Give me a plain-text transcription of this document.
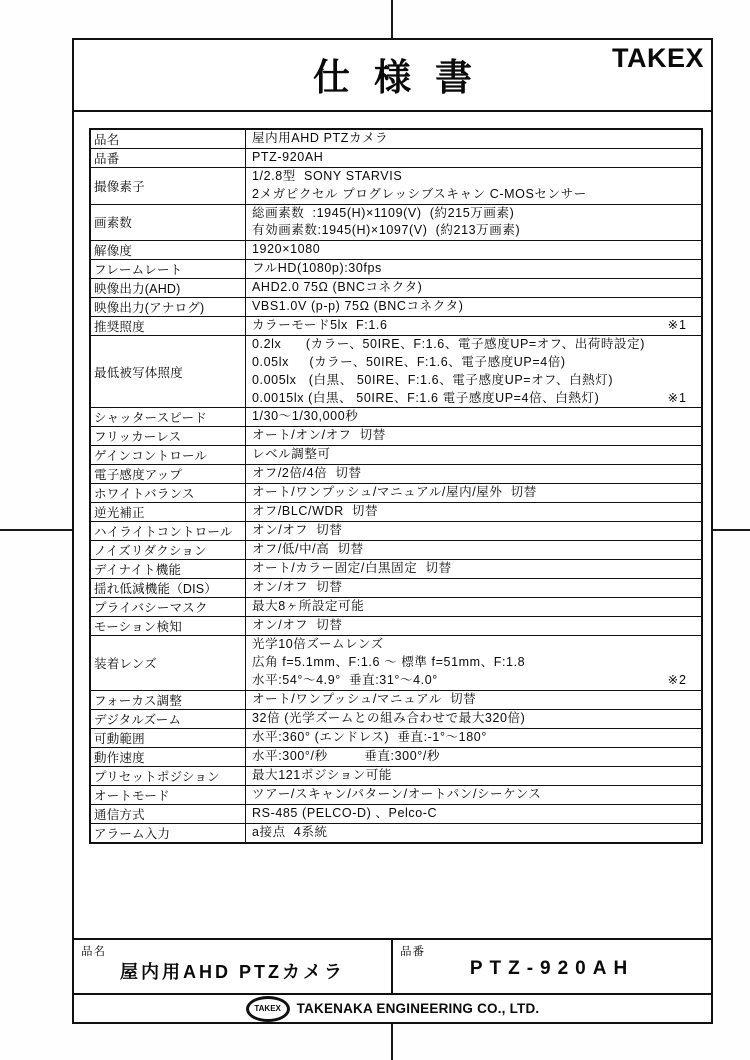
仕様書	TAKEX
品名	屋内用AHD PTZカメラ

品番	PTZ-920AH

撮像素子	1/2.8型  SONY STARVIS
2メガピクセル プログレッシブスキャン C-MOSセンサー

画素数	総画素数  :1945(H)×1109(V)  (約215万画素)
有効画素数:1945(H)×1097(V)  (約213万画素)

解像度	1920×1080

フレームレート	フルHD(1080p):30fps

映像出力(AHD)	AHD2.0 75Ω (BNCコネクタ)

映像出力(アナログ)	VBS1.0V (p-p) 75Ω (BNCコネクタ)

推奨照度	カラーモード5lx  F:1.6 ※1

最低被写体照度	0.2lx      (カラー、50IRE、F:1.6、電子感度UP=オフ、出荷時設定)
0.05lx     (カラー、50IRE、F:1.6、電子感度UP=4倍)
0.005lx   (白黒、 50IRE、F:1.6、電子感度UP=オフ、白熱灯)
0.0015lx (白黒、 50IRE、F:1.6 電子感度UP=4倍、白熱灯) ※1

シャッタースピード	1/30～1/30,000秒

フリッカーレス	オート/オン/オフ  切替

ゲインコントロール	レベル調整可

電子感度アップ	オフ/2倍/4倍  切替

ホワイトバランス	オート/ワンプッシュ/マニュアル/屋内/屋外  切替

逆光補正	オフ/BLC/WDR  切替

ハイライトコントロール	オン/オフ  切替

ノイズリダクション	オフ/低/中/高  切替

デイナイト機能	オート/カラー固定/白黒固定  切替

揺れ低減機能（DIS）	オン/オフ  切替

プライバシーマスク	最大8ヶ所設定可能

モーション検知	オン/オフ  切替

装着レンズ	光学10倍ズームレンズ
広角 f=5.1mm、F:1.6 ～ 標準 f=51mm、F:1.8
水平:54°～4.9°  垂直:31°～4.0° ※2

フォーカス調整	オート/ワンプッシュ/マニュアル  切替

デジタルズーム	32倍 (光学ズームとの組み合わせで最大320倍)

可動範囲	水平:360° (エンドレス)  垂直:-1°～180°

動作速度	水平:300°/秒         垂直:300°/秒

プリセットポジション	最大121ポジション可能

オートモード	ツアー/スキャン/パターン/オートパン/シーケンス

通信方式	RS-485 (PELCO-D) 、Pelco-C

アラーム入力	a接点  4系統
品名
屋内用AHD PTZカメラ
品番
PTZ-920AH
TAKEX	TAKENAKA ENGINEERING CO., LTD.
